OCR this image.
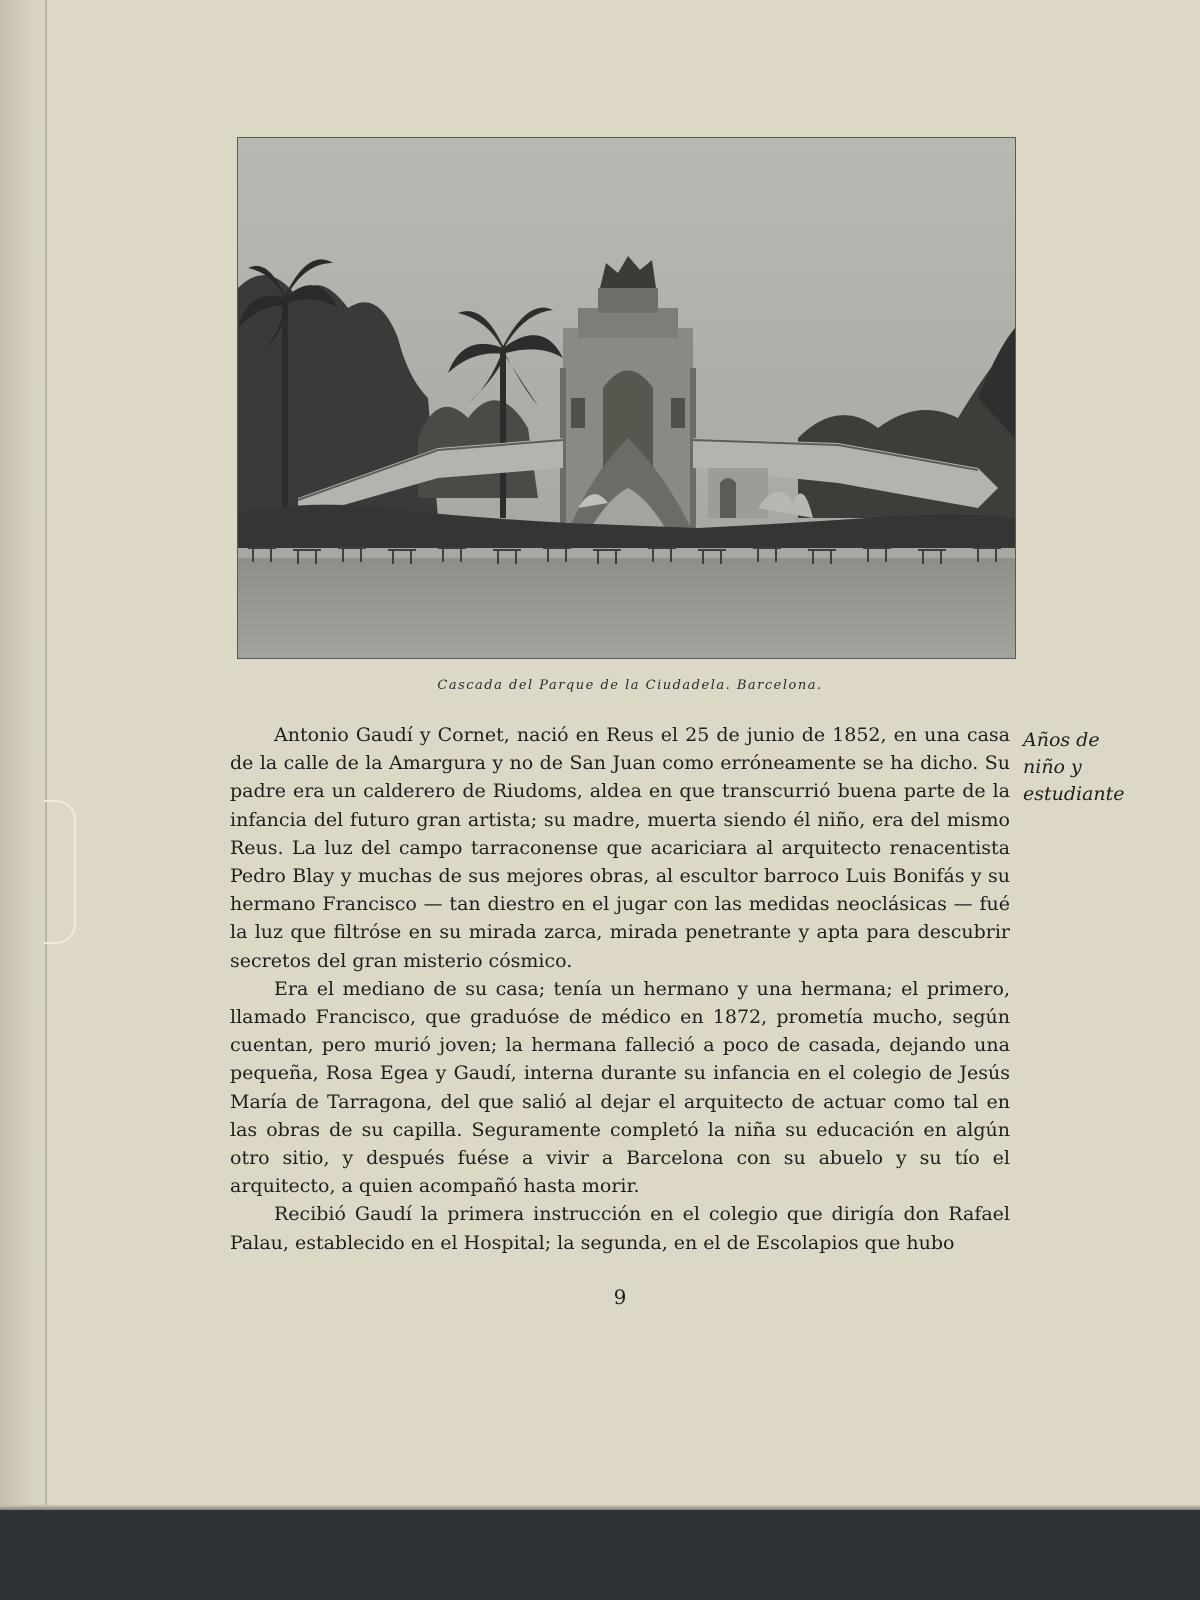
Cascada del Parque de la Ciudadela. Barcelona.

Antonio Gaudí y Cornet, nació en Reus el 25 de junio de 1852, en una casa de la calle de la Amargura y no de San Juan como erróneamente se ha dicho. Su padre era un calderero de Riudoms, aldea en que transcurrió buena parte de la infancia del futuro gran artista; su madre, muerta siendo él niño, era del mismo Reus. La luz del campo tarraconense que acariciara al arquitecto renacentista Pedro Blay y muchas de sus mejores obras, al escultor barroco Luis Bonifás y su hermano Francisco — tan diestro en el jugar con las medidas neoclásicas — fué la luz que filtróse en su mirada zarca, mirada penetrante y apta para descubrir secretos del gran misterio cósmico.

Era el mediano de su casa; tenía un hermano y una hermana; el primero, llamado Francisco, que graduóse de médico en 1872, prometía mucho, según cuentan, pero murió joven; la hermana falleció a poco de casada, dejando una pequeña, Rosa Egea y Gaudí, interna durante su infancia en el colegio de Jesús María de Tarragona, del que salió al dejar el arquitecto de actuar como tal en las obras de su capilla. Seguramente completó la niña su educación en algún otro sitio, y después fuése a vivir a Barcelona con su abuelo y su tío el arquitecto, a quien acompañó hasta morir.

Recibió Gaudí la primera instrucción en el colegio que dirigía don Rafael Palau, establecido en el Hospital; la segunda, en el de Escolapios que hubo

Años de
niño y
estudiante
9
